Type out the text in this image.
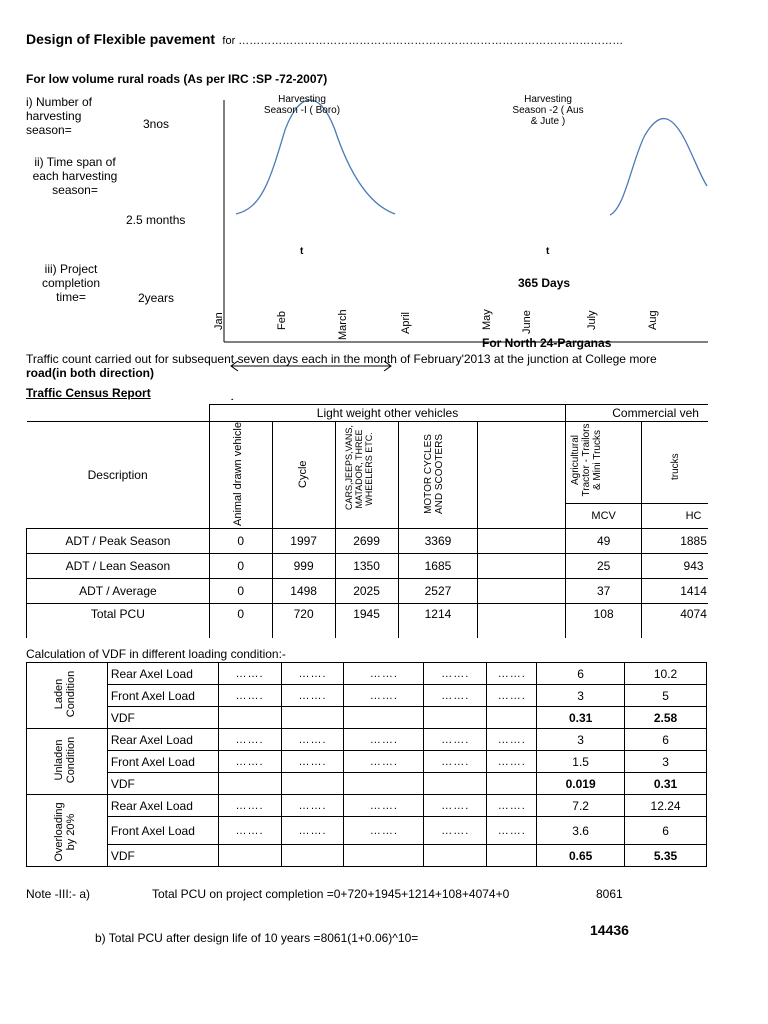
Design of Flexible pavement for ……………………………………………………………………………………………
For low volume rural roads (As per IRC :SP -72-2007)
i) Number of harvesting season=	3nos
ii) Time span of each harvesting season=
2.5 months
iii) Project completion time=	2years
Harvesting Season -I ( Boro)
Harvesting Season -2 ( Aus & Jute )
t	t
365 Days
Jan	Feb	March	April	May	June	July	Aug
For North 24-Parganas
Traffic count carried out for subsequent seven days each in the month of February'2013 at the junction at College more
road(in both direction)
Traffic Census Report
	Light weight other vehicles					Commercial veh		
Description	Animal drawn vehicle	Cycle	CARS,JEEPS,VANS, MATADOR, THREE WHEELERS ETC.	MOTOR CYCLES AND SCOOTERS		Agricultural Tractor - Trailors & Mini Trucks	trucks	

						MCV	HC	
ADT / Peak Season	0	1997	2699	3369		49	1885	
ADT / Lean Season	0	999	1350	1685		25	943	
ADT / Average	0	1498	2025	2527		37	1414	
Total PCU	0	720	1945	1214		108	4074	
Calculation of VDF in different loading condition:-
Laden Condition	Rear Axel Load	…….	…….	…….	…….	…….	6	10.2
	Front Axel Load	…….	…….	…….	…….	…….	3	5
	VDF						0.31	2.58

Unladen Condition	Rear Axel Load	…….	…….	…….	…….	…….	3	6
	Front Axel Load	…….	…….	…….	…….	…….	1.5	3
	VDF						0.019	0.31

Overloading by 20%	Rear Axel Load	…….	…….	…….	…….	…….	7.2	12.24
	Front Axel Load	…….	…….	…….	…….	…….	3.6	6
	VDF						0.65	5.35
Note -III:- a)	Total PCU on project completion =0+720+1945+1214+108+4074+0	8061
b) Total PCU after design life of 10 years =8061(1+0.06)^10=	14436
